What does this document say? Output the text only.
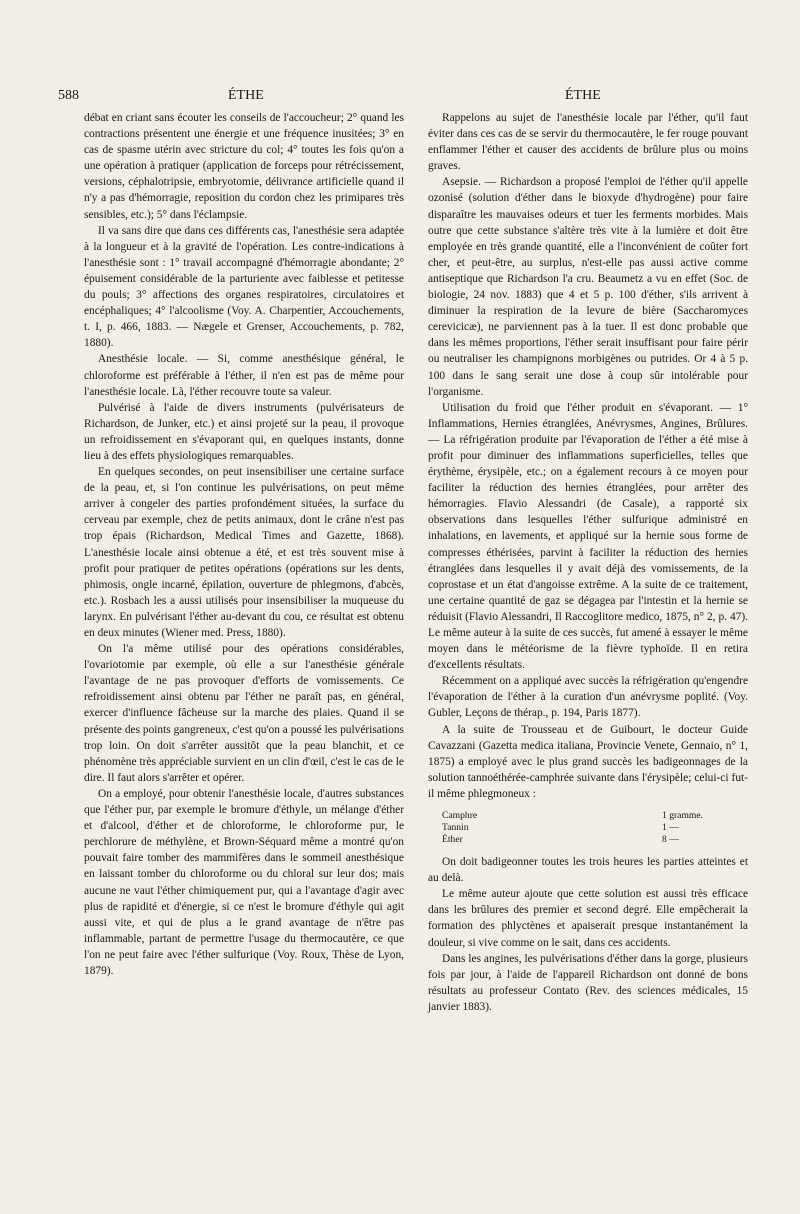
588	ÉTHE	ÉTHE

débat en criant sans écouter les conseils de l'accoucheur; 2° quand les contractions présentent une énergie et une fréquence inusitées; 3° en cas de spasme utérin avec stricture du col; 4° toutes les fois qu'on a une opération à pratiquer (application de forceps pour rétrécissement, versions, céphalotripsie, embryotomie, délivrance artificielle quand il n'y a pas d'hémorragie, reposition du cordon chez les primipares très sensibles, etc.); 5° dans l'éclampsie.

Il va sans dire que dans ces différents cas, l'anesthésie sera adaptée à la longueur et à la gravité de l'opération. Les contre-indications à l'anesthésie sont : 1° travail accompagné d'hémorragie abondante; 2° épuisement considérable de la parturiente avec faiblesse et petitesse du pouls; 3° affections des organes respiratoires, circulatoires et encéphaliques; 4° l'alcoolisme (Voy. A. Charpentier, Accouchements, t. I, p. 466, 1883. — Nægele et Grenser, Accouchements, p. 782, 1880).

Anesthésie locale. — Si, comme anesthésique général, le chloroforme est préférable à l'éther, il n'en est pas de même pour l'anesthésie locale. Là, l'éther recouvre toute sa valeur.

Pulvérisé à l'aide de divers instruments (pulvérisateurs de Richardson, de Junker, etc.) et ainsi projeté sur la peau, il provoque un refroidissement en s'évaporant qui, en quelques instants, donne lieu à des effets physiologiques remarquables.

En quelques secondes, on peut insensibiliser une certaine surface de la peau, et, si l'on continue les pulvérisations, on peut même arriver à congeler des parties profondément situées, la surface du cerveau par exemple, chez de petits animaux, dont le crâne n'est pas trop épais (Richardson, Medical Times and Gazette, 1868). L'anesthésie locale ainsi obtenue a été, et est très souvent mise à profit pour pratiquer de petites opérations (opérations sur les dents, phimosis, ongle incarné, épilation, ouverture de phlegmons, d'abcès, etc.). Rosbach les a aussi utilisés pour insensibiliser la muqueuse du larynx. En pulvérisant l'éther au-devant du cou, ce résultat est obtenu en deux minutes (Wiener med. Press, 1880).

On l'a même utilisé pour des opérations considérables, l'ovariotomie par exemple, où elle a sur l'anesthésie générale l'avantage de ne pas provoquer d'efforts de vomissements. Ce refroidissement ainsi obtenu par l'éther ne paraît pas, en général, exercer d'influence fâcheuse sur la marche des plaies. Quand il se présente des points gangreneux, c'est qu'on a poussé les pulvérisations trop loin. On doit s'arrêter aussitôt que la peau blanchit, et ce phénomène très appréciable survient en un clin d'œil, c'est le cas de le dire. Il faut alors s'arrêter et opérer.

On a employé, pour obtenir l'anesthésie locale, d'autres substances que l'éther pur, par exemple le bromure d'éthyle, un mélange d'éther et d'alcool, d'éther et de chloroforme, le chloroforme pur, le perchlorure de méthylène, et Brown-Séquard même a montré qu'on pouvait faire tomber des mammifères dans le sommeil anesthésique en laissant tomber du chloroforme ou du chloral sur leur dos; mais aucune ne vaut l'éther chimiquement pur, qui a l'avantage d'agir avec plus de rapidité et d'énergie, si ce n'est le bromure d'éthyle qui agit aussi vite, et qui de plus a le grand avantage de n'être pas inflammable, partant de permettre l'usage du thermocautère, ce que l'on ne peut faire avec l'éther sulfurique (Voy. Roux, Thèse de Lyon, 1879).

Rappelons au sujet de l'anesthésie locale par l'éther, qu'il faut éviter dans ces cas de se servir du thermocautère, le fer rouge pouvant enflammer l'éther et causer des accidents de brûlure plus ou moins graves.

Asepsie. — Richardson a proposé l'emploi de l'éther qu'il appelle ozonisé (solution d'éther dans le bioxyde d'hydrogène) pour faire disparaître les mauvaises odeurs et tuer les ferments morbides. Mais outre que cette substance s'altère très vite à la lumière et doit être employée en très grande quantité, elle a l'inconvénient de coûter fort cher, et peut-être, au surplus, n'est-elle pas aussi active comme antiseptique que Richardson l'a cru. Beaumetz a vu en effet (Soc. de biologie, 24 nov. 1883) que 4 et 5 p. 100 d'éther, s'ils arrivent à diminuer la respiration de la levure de bière (Saccharomyces cerevicicæ), ne parviennent pas à la tuer. Il est donc probable que dans les mêmes proportions, l'éther serait insuffisant pour faire périr ou neutraliser les champignons morbigènes ou putrides. Or 4 à 5 p. 100 dans le sang serait une dose à coup sûr intolérable pour l'organisme.

Utilisation du froid que l'éther produit en s'évaporant. — 1° Inflammations, Hernies étranglées, Anévrysmes, Angines, Brûlures. — La réfrigération produite par l'évaporation de l'éther a été mise à profit pour diminuer des inflammations superficielles, telles que érythème, érysipèle, etc.; on a également recours à ce moyen pour faciliter la réduction des hernies étranglées, pour arrêter des hémorragies. Flavio Alessandri (de Casale), a rapporté six observations dans lesquelles l'éther sulfurique administré en inhalations, en lavements, et appliqué sur la hernie sous forme de compresses éthérisées, parvint à faciliter la réduction des hernies étranglées dans lesquelles il y avait déjà des vomissements, de la coprostase et un état d'angoisse extrême. A la suite de ce traitement, une certaine quantité de gaz se dégagea par l'intestin et la hernie se réduisit (Flavio Alessandri, Il Raccoglitore medico, 1875, n° 2, p. 47). Le même auteur à la suite de ces succès, fut amené à essayer le même moyen dans le météorisme de la fièvre typhoïde. Il en retira d'excellents résultats.

Récemment on a appliqué avec succès la réfrigération qu'engendre l'évaporation de l'éther à la curation d'un anévrysme poplité. (Voy. Gubler, Leçons de thérap., p. 194, Paris 1877).

A la suite de Trousseau et de Guibourt, le docteur Guide Cavazzani (Gazetta medica italiana, Provincie Venete, Gennaio, n° 1, 1875) a employé avec le plus grand succès les badigeonnages de la solution tannoéthérée-camphrée suivante dans l'érysipèle; celui-ci fut-il même phlegmoneux :

Camphre	1 gramme.
Tannin	1 —
Éther	8 —

On doit badigeonner toutes les trois heures les parties atteintes et au delà.

Le même auteur ajoute que cette solution est aussi très efficace dans les brûlures des premier et second degré. Elle empêcherait la formation des phlyctènes et apaiserait presque instantanément la douleur, si vive comme on le sait, dans ces accidents.

Dans les angines, les pulvérisations d'éther dans la gorge, plusieurs fois par jour, à l'aide de l'appareil Richardson ont donné de bons résultats au professeur Contato (Rev. des sciences médicales, 15 janvier 1883).
